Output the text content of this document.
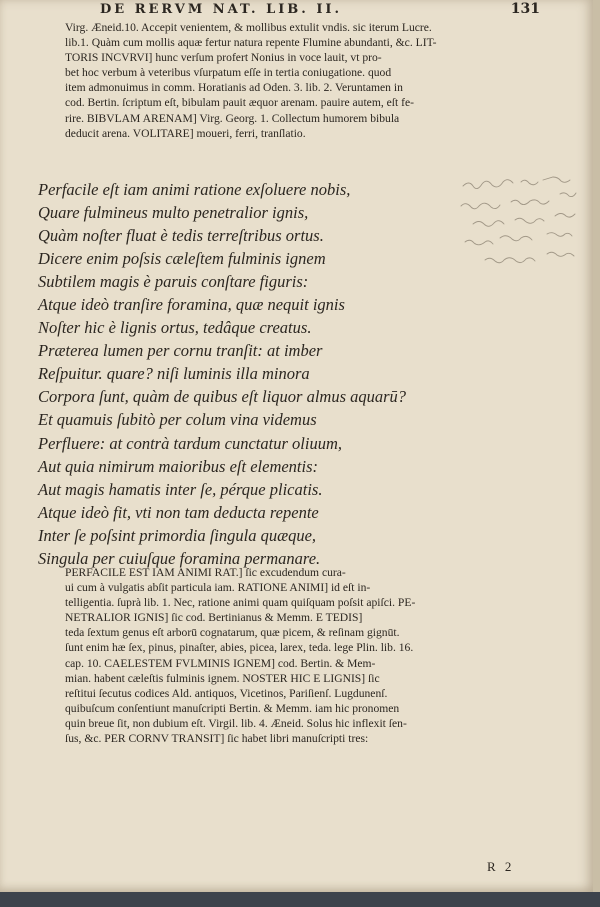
DE RERVM NAT. LIB. II.	131

Virg. Æneid.10. Accepit venientem, & mollibus extulit vndis. sic iterum Lucre.

lib.1. Quàm cum mollis aquæ fertur natura repente Flumine abundanti, &c. LIT-

TORIS INCVRVI] hunc verſum profert Nonius in voce lauit, vt pro-

bet hoc verbum à veteribus vſurpatum eſſe in tertia coniugatione. quod

item admonuimus in comm. Horatianis ad Oden. 3. lib. 2. Veruntamen in

cod. Bertin. ſcriptum eſt, bibulam pauit æquor arenam. pauire autem, eſt fe-

rire. BIBVLAM ARENAM] Virg. Georg. 1. Collectum humorem bibula

deducit arena. VOLITARE] moueri, ferri, tranſlatio.

Perfacile eſt iam animi ratione exſoluere nobis,
Quare fulmineus multo penetralior ignis,
Quàm noſter fluat è tedis terreſtribus ortus.
Dicere enim poſsis cæleſtem fulminis ignem
Subtilem magis è paruis conſtare figuris:
Atque ideò tranſire foramina, quæ nequit ignis
Noſter hic è lignis ortus, tedâque creatus.
Præterea lumen per cornu tranſit: at imber
Reſpuitur. quare? niſi luminis illa minora
Corpora ſunt, quàm de quibus eſt liquor almus aquarū?
Et quamuis ſubitò per colum vina videmus
Perfluere: at contrà tardum cunctatur oliuum,
Aut quia nimirum maioribus eſt elementis:
Aut magis hamatis inter ſe, pérque plicatis.
Atque ideò fit, vti non tam deducta repente
Inter ſe poſsint primordia ſingula quæque,
Singula per cuiuſque foramina permanare.

PERFACILE EST IAM ANIMI RAT.] ſic excudendum cura-

ui cum à vulgatis abſit particula iam. RATIONE ANIMI] id eſt in-

telligentia. ſuprà lib. 1. Nec, ratione animi quam quiſquam poſsit apiſci. PE-

NETRALIOR IGNIS] ſic cod. Bertinianus & Memm. E TEDIS]

teda ſextum genus eſt arborū cognatarum, quæ picem, & reſinam gignūt.

ſunt enim hæ ſex, pinus, pinaſter, abies, picea, larex, teda. lege Plin. lib. 16.

cap. 10. CAELESTEM FVLMINIS IGNEM] cod. Bertin. & Mem-

mian. habent cæleſtis fulminis ignem. NOSTER HIC E LIGNIS] ſic

reſtitui ſecutus codices Ald. antiquos, Vicetinos, Pariſienſ. Lugdunenſ.

quibuſcum conſentiunt manuſcripti Bertin. & Memm. iam hic pronomen

quin breue ſit, non dubium eſt. Virgil. lib. 4. Æneid. Solus hic inflexit ſen-

ſus, &c. PER CORNV TRANSIT] ſic habet libri manuſcripti tres:

R 2
